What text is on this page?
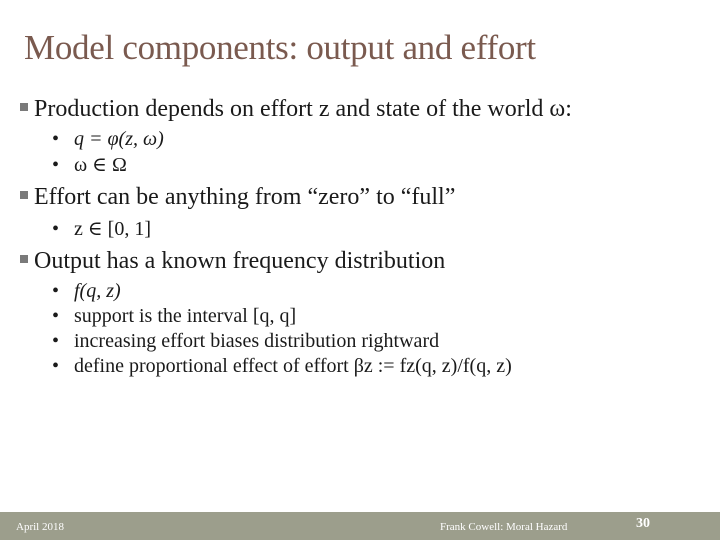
Model components: output and effort
Production depends on effort z and state of the world ω:
• q = φ(z, ω)
• ω ∈ Ω
Effort can be anything from “zero” to “full”
• z ∈ [0, 1]
Output has a known frequency distribution
• f(q, z)
• support is the interval [q, q]
• increasing effort biases distribution rightward
• define proportional effect of effort βz := fz(q, z)/f(q, z)
April 2018	Frank Cowell: Moral Hazard	30
